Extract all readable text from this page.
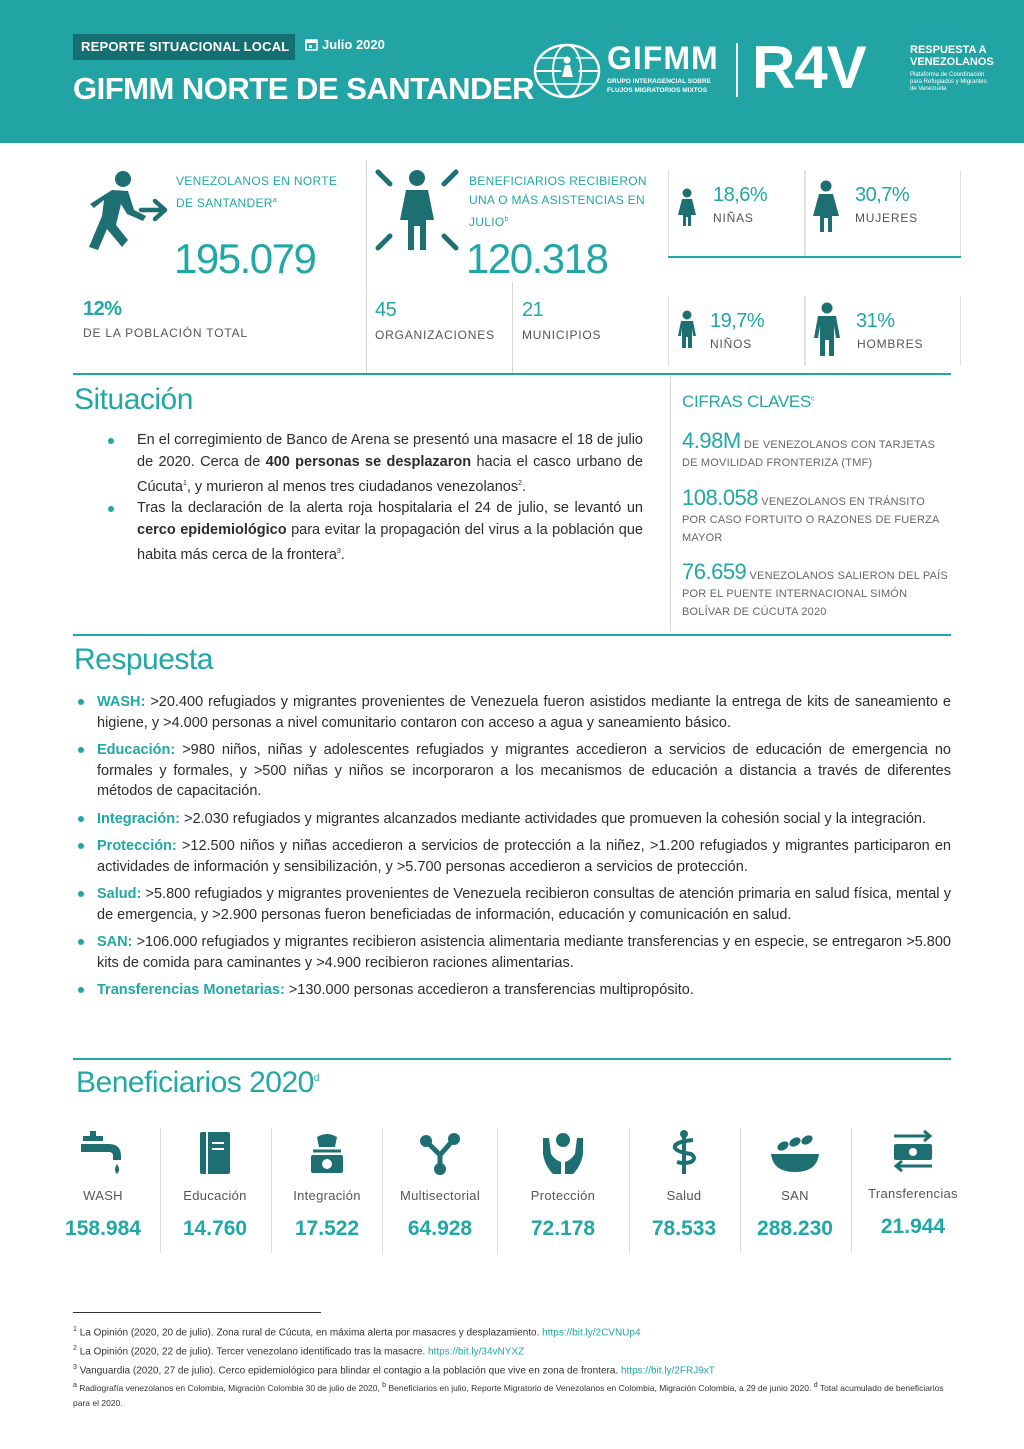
REPORTE SITUACIONAL LOCAL	Julio 2020
GIFMM NORTE DE SANTANDER
GIFMM
GRUPO INTERAGENCIAL SOBRE FLUJOS MIGRATORIOS MIXTOS R4V	RESPUESTA A VENEZOLANOS
Plataforma de Coordinación para Refugiados y Migrantes de Venezuela
VENEZOLANOS EN NORTE DE SANTANDER$^a$
195.079
12%
DE LA POBLACIÓN TOTAL
BENEFICIARIOS RECIBIERON UNA O MÁS ASISTENCIAS EN JULIO$^b$
120.318
45
ORGANIZACIONES
21
MUNICIPIOS
18,6%
NIÑAS
30,7%
MUJERES
19,7%
NIÑOS
31%
HOMBRES
Situación
En el corregimiento de Banco de Arena se presentó una masacre el 18 de julio de 2020. Cerca de 400 personas se desplazaron hacia el casco urbano de Cúcuta$^1$, y murieron al menos tres ciudadanos venezolanos$^2$.
Tras la declaración de la alerta roja hospitalaria el 24 de julio, se levantó un cerco epidemiológico para evitar la propagación del virus a la población que habita más cerca de la frontera$^3$.
CIFRAS CLAVES$^c$
4.98M DE VENEZOLANOS CON TARJETAS DE MOVILIDAD FRONTERIZA (TMF)
108.058 VENEZOLANOS EN TRÁNSITO POR CASO FORTUITO O RAZONES DE FUERZA MAYOR
76.659 VENEZOLANOS SALIERON DEL PAÍS POR EL PUENTE INTERNACIONAL SIMÓN BOLÍVAR DE CÚCUTA 2020
Respuesta
WASH: >20.400 refugiados y migrantes provenientes de Venezuela fueron asistidos mediante la entrega de kits de saneamiento e higiene, y >4.000 personas a nivel comunitario contaron con acceso a agua y saneamiento básico.
Educación: >980 niños, niñas y adolescentes refugiados y migrantes accedieron a servicios de educación de emergencia no formales y formales, y >500 niñas y niños se incorporaron a los mecanismos de educación a distancia a través de diferentes métodos de capacitación.
Integración: >2.030 refugiados y migrantes alcanzados mediante actividades que promueven la cohesión social y la integración.
Protección: >12.500 niños y niñas accedieron a servicios de protección a la niñez, >1.200 refugiados y migrantes participaron en actividades de información y sensibilización, y >5.700 personas accedieron a servicios de protección.
Salud: >5.800 refugiados y migrantes provenientes de Venezuela recibieron consultas de atención primaria en salud física, mental y de emergencia, y >2.900 personas fueron beneficiadas de información, educación y comunicación en salud.
SAN: >106.000 refugiados y migrantes recibieron asistencia alimentaria mediante transferencias y en especie, se entregaron >5.800 kits de comida para caminantes y >4.900 recibieron raciones alimentarias.
Transferencias Monetarias: >130.000 personas accedieron a transferencias multipropósito.
Beneficiarios 2020$^d$
WASH
158.984
Educación
14.760
Integración
17.522
Multisectorial
64.928
Protección
72.178
Salud
78.533
SAN
288.230
Transferencias
21.944
$^1$ La Opinión (2020, 20 de julio). Zona rural de Cúcuta, en máxima alerta por masacres y desplazamiento. https://bit.ly/2CVNUp4
$^2$ La Opinión (2020, 22 de julio). Tercer venezolano identificado tras la masacre. https://bit.ly/34vNYXZ
$^3$ Vanguardia (2020, 27 de julio). Cerco epidemiológico para blindar el contagio a la población que vive en zona de frontera. https://bit.ly/2FRJ9xT
$^a$ Radiografía venezolanos en Colombia, Migración Colombia 30 de julio de 2020, $^b$ Beneficiarios en julio, Reporte Migratorio de Venezolanos en Colombia, Migración Colombia, a 29 de junio 2020. $^d$ Total acumulado de beneficiarios para el 2020.
